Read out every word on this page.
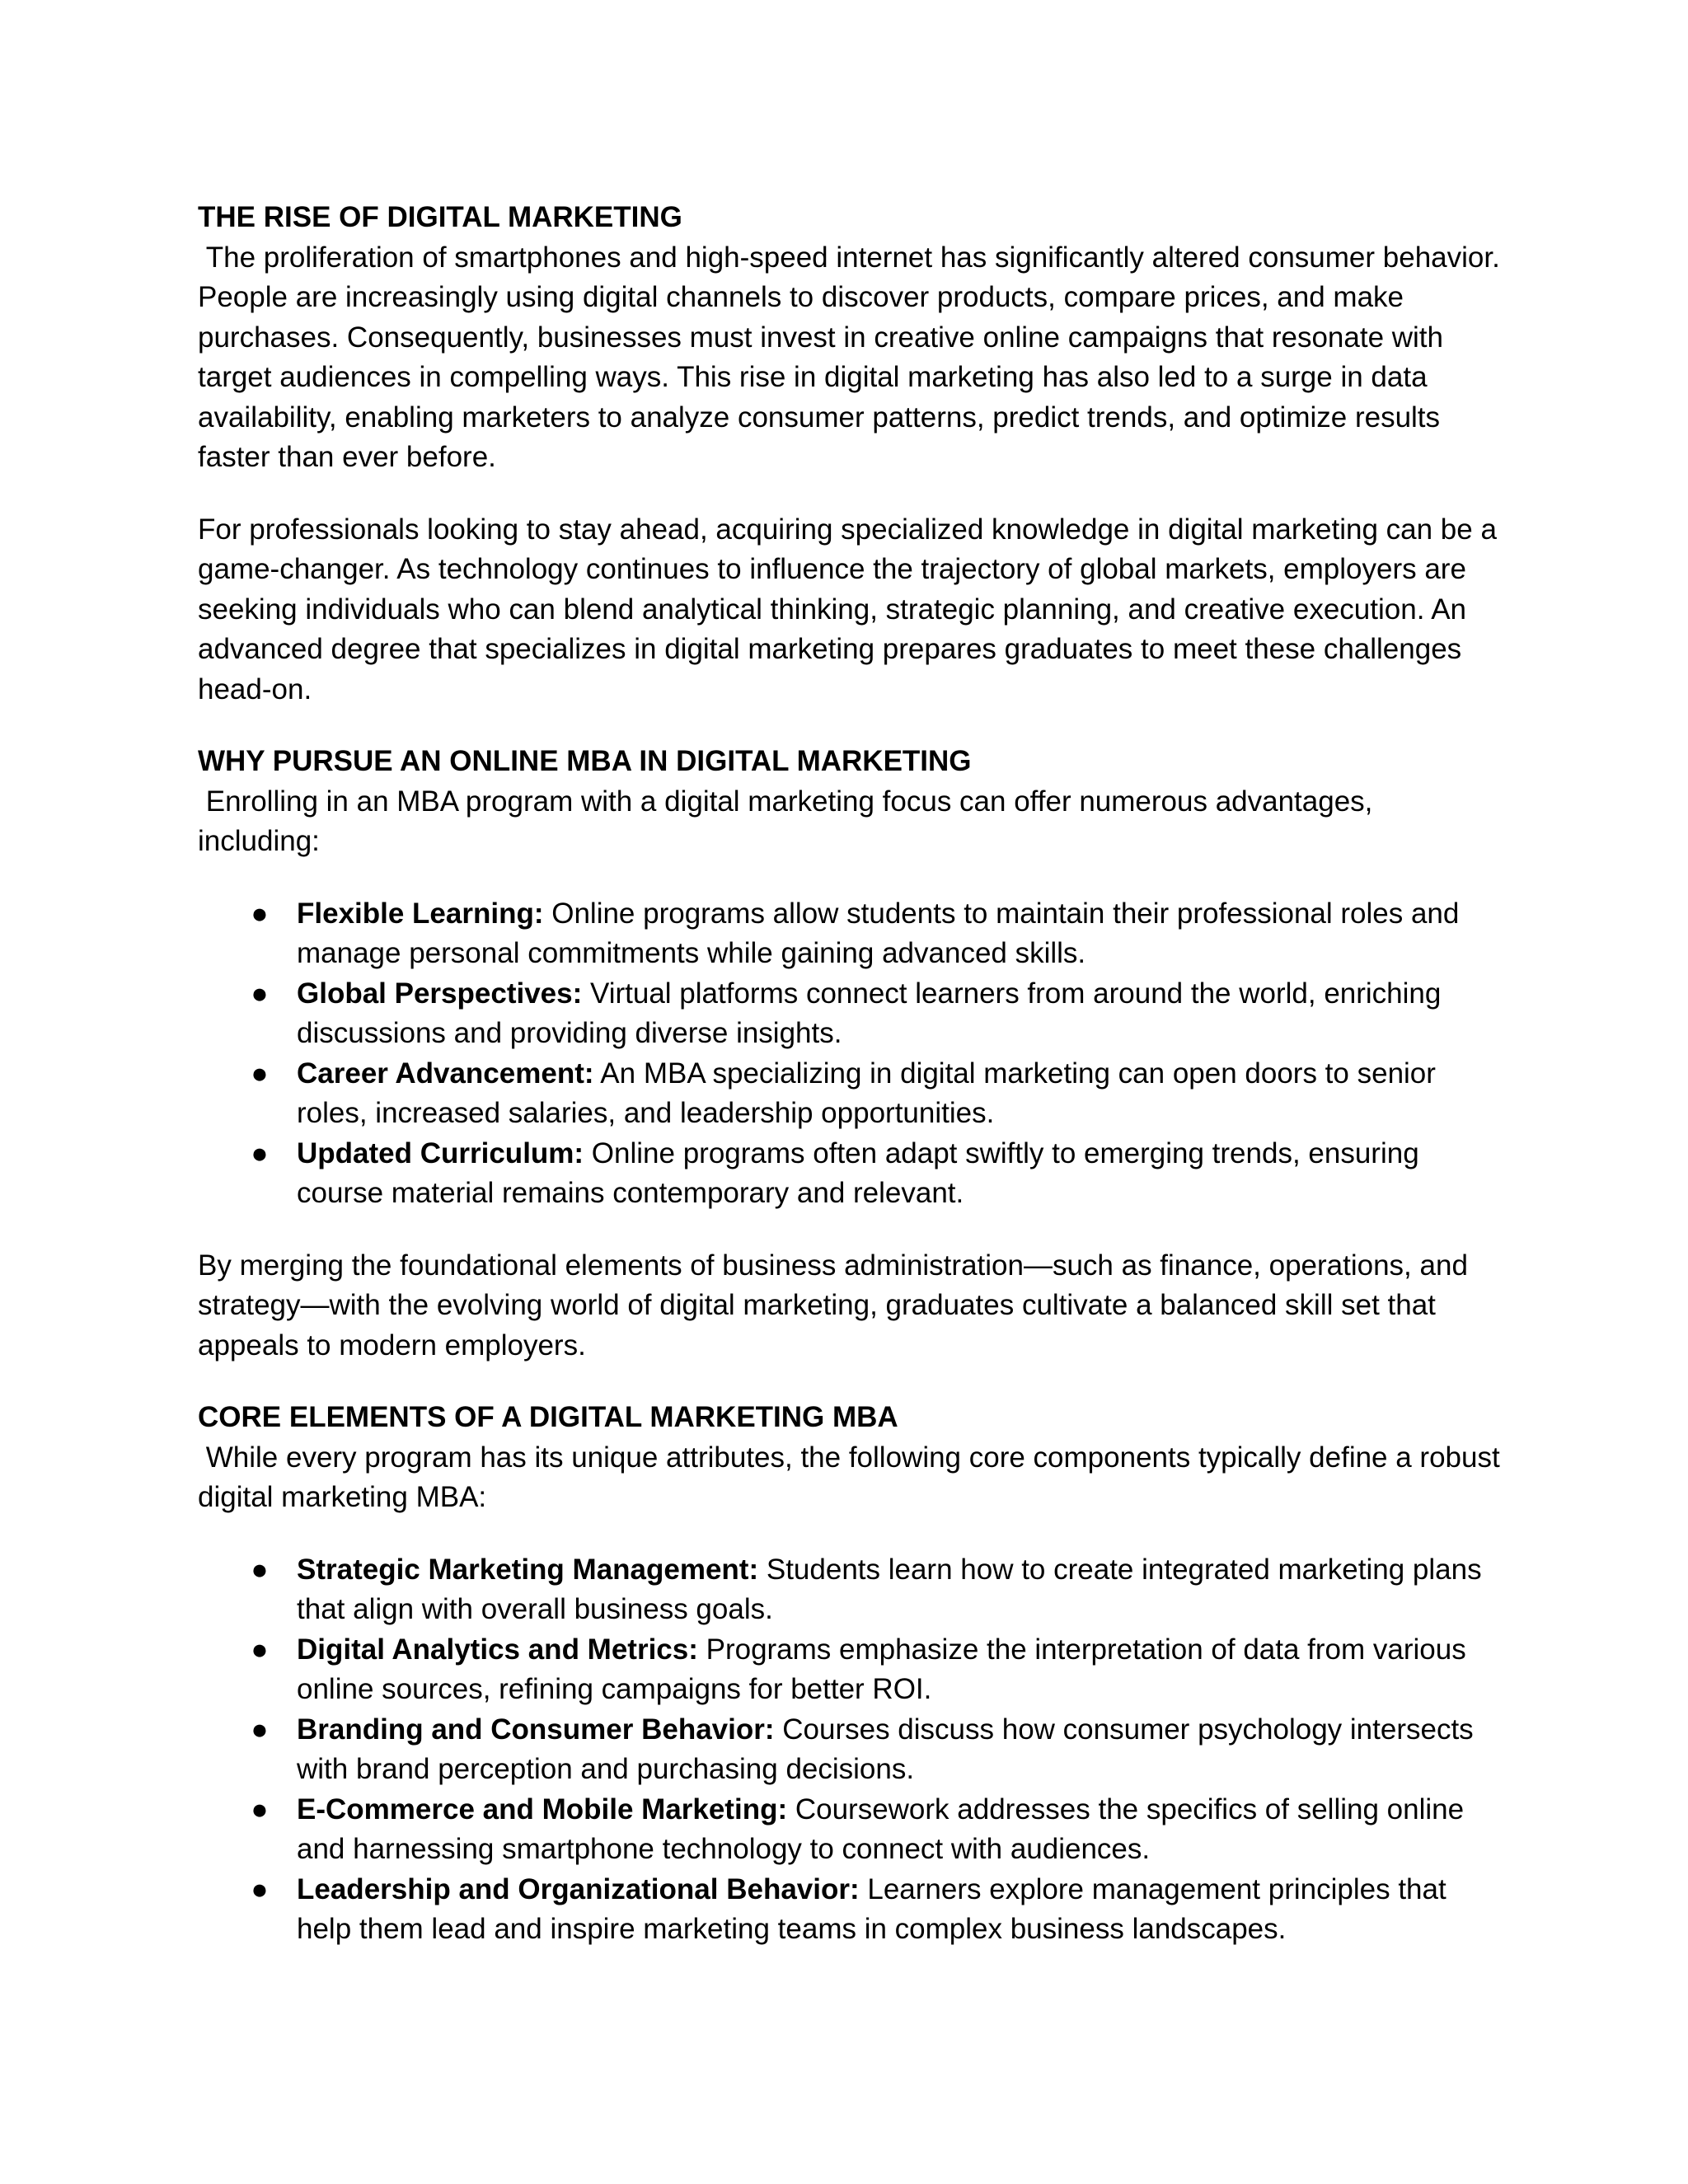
THE RISE OF DIGITAL MARKETING

The proliferation of smartphones and high-speed internet has significantly altered consumer behavior. People are increasingly using digital channels to discover products, compare prices, and make purchases. Consequently, businesses must invest in creative online campaigns that resonate with target audiences in compelling ways. This rise in digital marketing has also led to a surge in data availability, enabling marketers to analyze consumer patterns, predict trends, and optimize results faster than ever before.

For professionals looking to stay ahead, acquiring specialized knowledge in digital marketing can be a game-changer. As technology continues to influence the trajectory of global markets, employers are seeking individuals who can blend analytical thinking, strategic planning, and creative execution. An advanced degree that specializes in digital marketing prepares graduates to meet these challenges head-on.

WHY PURSUE AN ONLINE MBA IN DIGITAL MARKETING

Enrolling in an MBA program with a digital marketing focus can offer numerous advantages, including:

● Flexible Learning: Online programs allow students to maintain their professional roles and manage personal commitments while gaining advanced skills.
● Global Perspectives: Virtual platforms connect learners from around the world, enriching discussions and providing diverse insights.
● Career Advancement: An MBA specializing in digital marketing can open doors to senior roles, increased salaries, and leadership opportunities.
● Updated Curriculum: Online programs often adapt swiftly to emerging trends, ensuring course material remains contemporary and relevant.

By merging the foundational elements of business administration—such as finance, operations, and strategy—with the evolving world of digital marketing, graduates cultivate a balanced skill set that appeals to modern employers.

CORE ELEMENTS OF A DIGITAL MARKETING MBA

While every program has its unique attributes, the following core components typically define a robust digital marketing MBA:

● Strategic Marketing Management: Students learn how to create integrated marketing plans that align with overall business goals.
● Digital Analytics and Metrics: Programs emphasize the interpretation of data from various online sources, refining campaigns for better ROI.
● Branding and Consumer Behavior: Courses discuss how consumer psychology intersects with brand perception and purchasing decisions.
● E-Commerce and Mobile Marketing: Coursework addresses the specifics of selling online and harnessing smartphone technology to connect with audiences.
● Leadership and Organizational Behavior: Learners explore management principles that help them lead and inspire marketing teams in complex business landscapes.
